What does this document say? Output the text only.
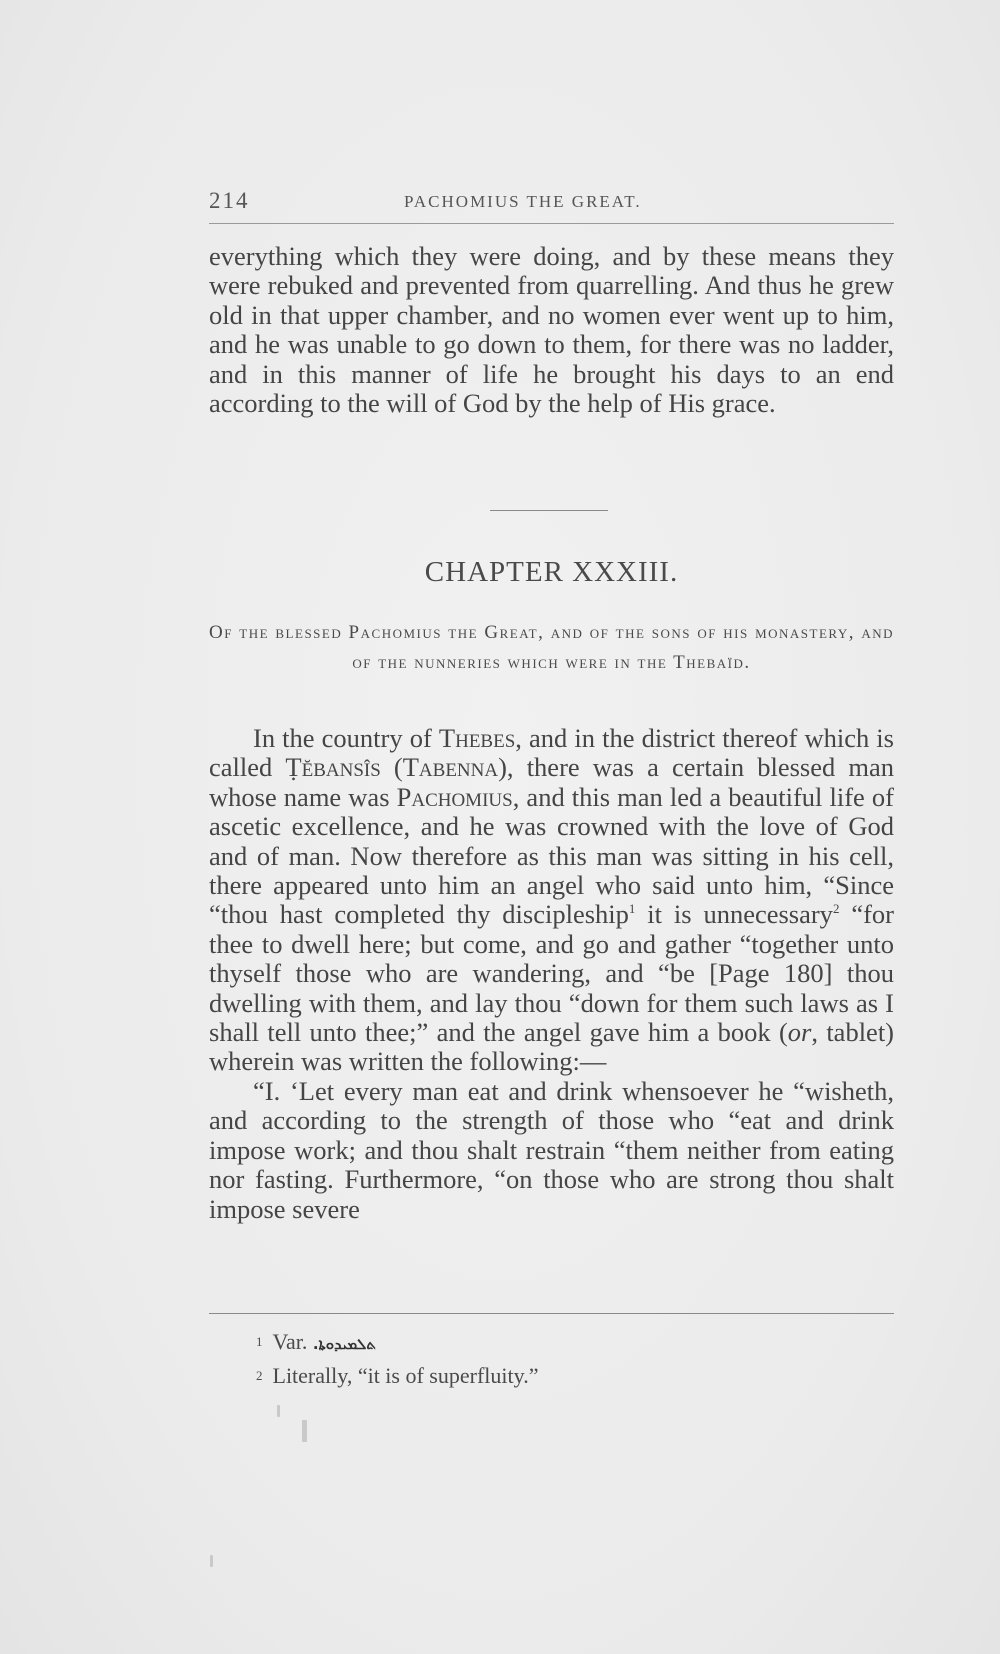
214	PACHOMIUS THE GREAT.

everything which they were doing, and by these means they were rebuked and prevented from quarrelling. And thus he grew old in that upper chamber, and no women ever went up to him, and he was unable to go down to them, for there was no ladder, and in this manner of life he brought his days to an end according to the will of God by the help of His grace.

CHAPTER XXXIII.

Of the blessed Pachomius the Great, and of the sons of his monastery, and of the nunneries which were in the Thebaïd.

In the country of Thebes, and in the district thereof which is called Ṭĕbansîs (Tabenna), there was a certain blessed man whose name was Pachomius, and this man led a beautiful life of ascetic excellence, and he was crowned with the love of God and of man. Now therefore as this man was sitting in his cell, there appeared unto him an angel who said unto him, “Since “thou hast completed thy discipleship$^1$ it is unnecessary$^2$ “for thee to dwell here; but come, and go and gather “together unto thyself those who are wandering, and “be [Page 180] thou dwelling with them, and lay thou “down for them such laws as I shall tell unto thee;” and the angel gave him a book (or, tablet) wherein was written the following:—
“I. ‘Let every man eat and drink whensoever he “wisheth, and according to the strength of those who “eat and drink impose work; and thou shalt restrain “them neither from eating nor fasting. Furthermore, “on those who are strong thou shalt impose severe

$^1$ Var. ܬܠܡܝܕܘܬܐ.
$^2$ Literally, “it is of superfluity.”
